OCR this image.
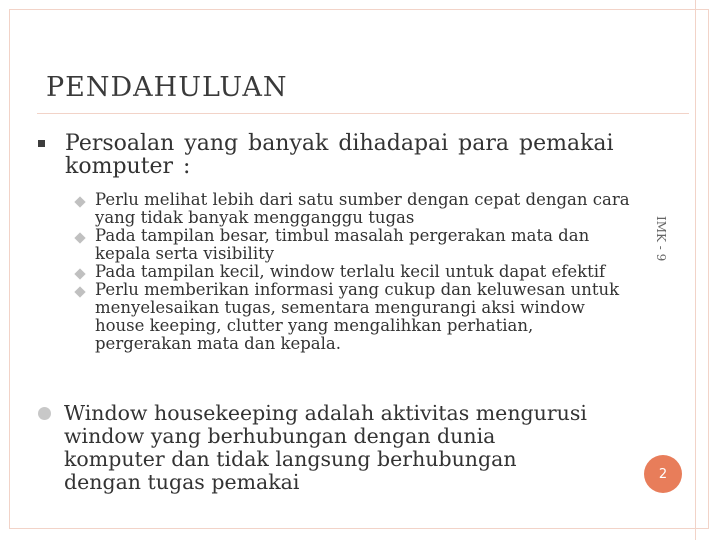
PENDAHULUAN
IMK - 9
Persoalan yang banyak dihadapai para pemakai komputer :
Perlu melihat lebih dari satu sumber dengan cepat dengan cara yang tidak banyak mengganggu tugas
Pada tampilan besar, timbul masalah pergerakan mata dan kepala serta visibility
Pada tampilan kecil, window terlalu kecil untuk dapat efektif
Perlu memberikan informasi yang cukup dan keluwesan untuk menyelesaikan tugas, sementara mengurangi aksi window house keeping, clutter yang mengalihkan perhatian, pergerakan mata dan kepala.
Window housekeeping adalah aktivitas mengurusi window yang berhubungan dengan dunia komputer dan tidak langsung berhubungan dengan tugas pemakai	2
